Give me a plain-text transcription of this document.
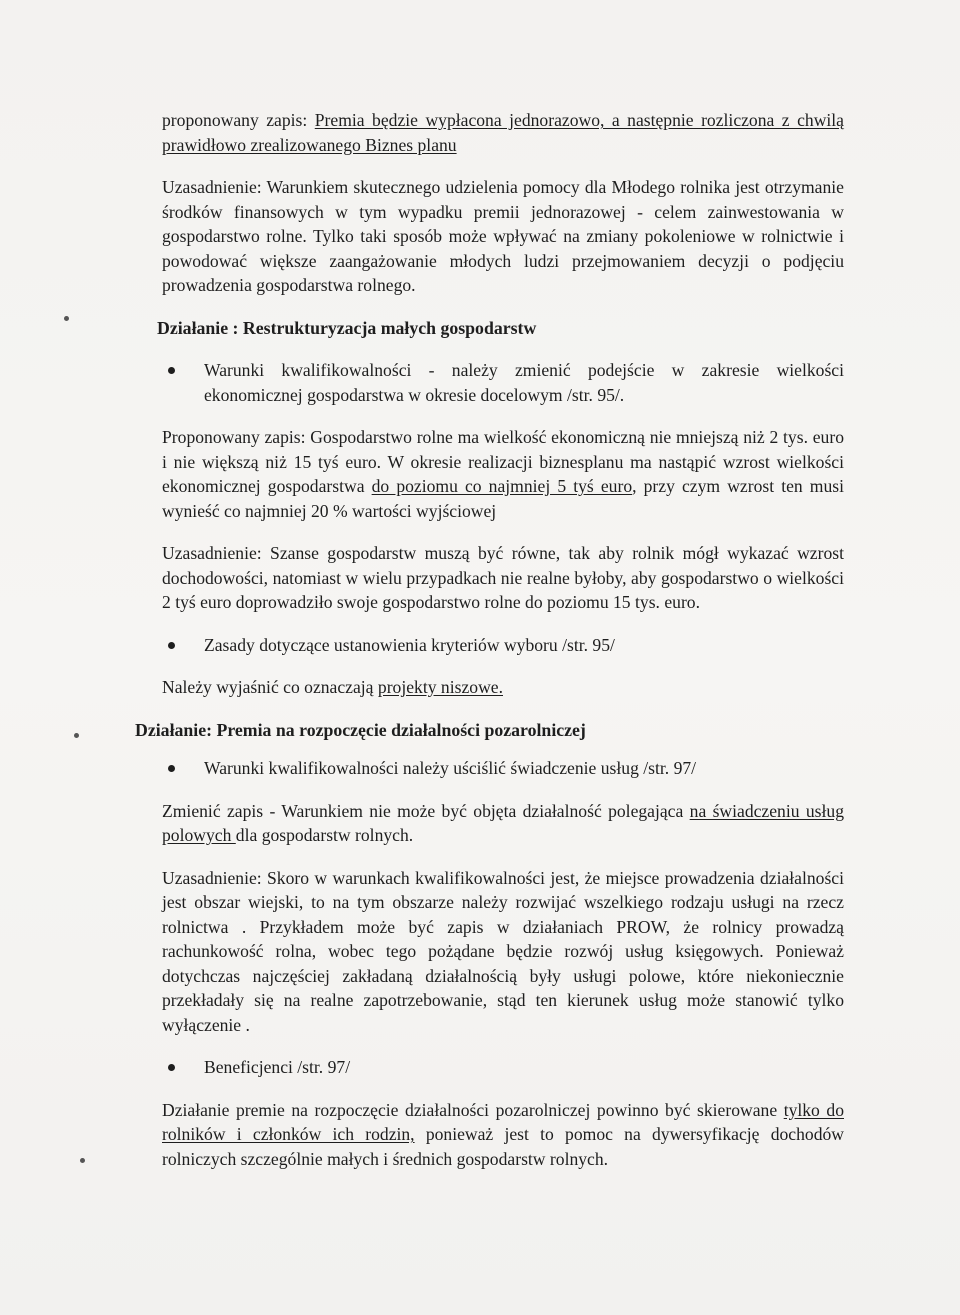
proponowany zapis: Premia będzie wypłacona jednorazowo, a następnie rozliczona z chwilą prawidłowo zrealizowanego Biznes planu

Uzasadnienie: Warunkiem skutecznego udzielenia pomocy dla Młodego rolnika jest otrzymanie środków finansowych w tym wypadku premii jednorazowej - celem zainwestowania w gospodarstwo rolne. Tylko taki sposób może wpływać na zmiany pokoleniowe w rolnictwie i powodować większe zaangażowanie młodych ludzi przejmowaniem decyzji o podjęciu prowadzenia gospodarstwa rolnego.

Działanie : Restrukturyzacja małych gospodarstw

Warunki kwalifikowalności - należy zmienić podejście w zakresie wielkości ekonomicznej gospodarstwa w okresie docelowym /str. 95/.

Proponowany zapis: Gospodarstwo rolne ma wielkość ekonomiczną nie mniejszą niż 2 tys. euro i nie większą niż 15 tyś euro. W okresie realizacji biznesplanu ma nastąpić wzrost wielkości ekonomicznej gospodarstwa do poziomu co najmniej 5 tyś euro, przy czym wzrost ten musi wynieść co najmniej 20 % wartości wyjściowej

Uzasadnienie: Szanse gospodarstw muszą być równe, tak aby rolnik mógł wykazać wzrost dochodowości, natomiast w wielu przypadkach nie realne byłoby, aby gospodarstwo o wielkości 2 tyś euro doprowadziło swoje gospodarstwo rolne do poziomu 15 tys. euro.

Zasady dotyczące ustanowienia kryteriów wyboru /str. 95/

Należy wyjaśnić co oznaczają projekty niszowe.

Działanie: Premia na rozpoczęcie działalności pozarolniczej

Warunki kwalifikowalności należy uściślić świadczenie usług /str. 97/

Zmienić zapis - Warunkiem nie może być objęta działalność polegająca na świadczeniu usług polowych dla gospodarstw rolnych.

Uzasadnienie: Skoro w warunkach kwalifikowalności jest, że miejsce prowadzenia działalności jest obszar wiejski, to na tym obszarze należy rozwijać wszelkiego rodzaju usługi na rzecz rolnictwa . Przykładem może być zapis w działaniach PROW, że rolnicy prowadzą rachunkowość rolna, wobec tego pożądane będzie rozwój usług księgowych. Ponieważ dotychczas najczęściej zakładaną działalnością były usługi polowe, które niekoniecznie przekładały się na realne zapotrzebowanie, stąd ten kierunek usług może stanowić tylko wyłączenie .

Beneficjenci /str. 97/

Działanie premie na rozpoczęcie działalności pozarolniczej powinno być skierowane tylko do rolników i członków ich rodzin, ponieważ jest to pomoc na dywersyfikację dochodów rolniczych szczególnie małych i średnich gospodarstw rolnych.
